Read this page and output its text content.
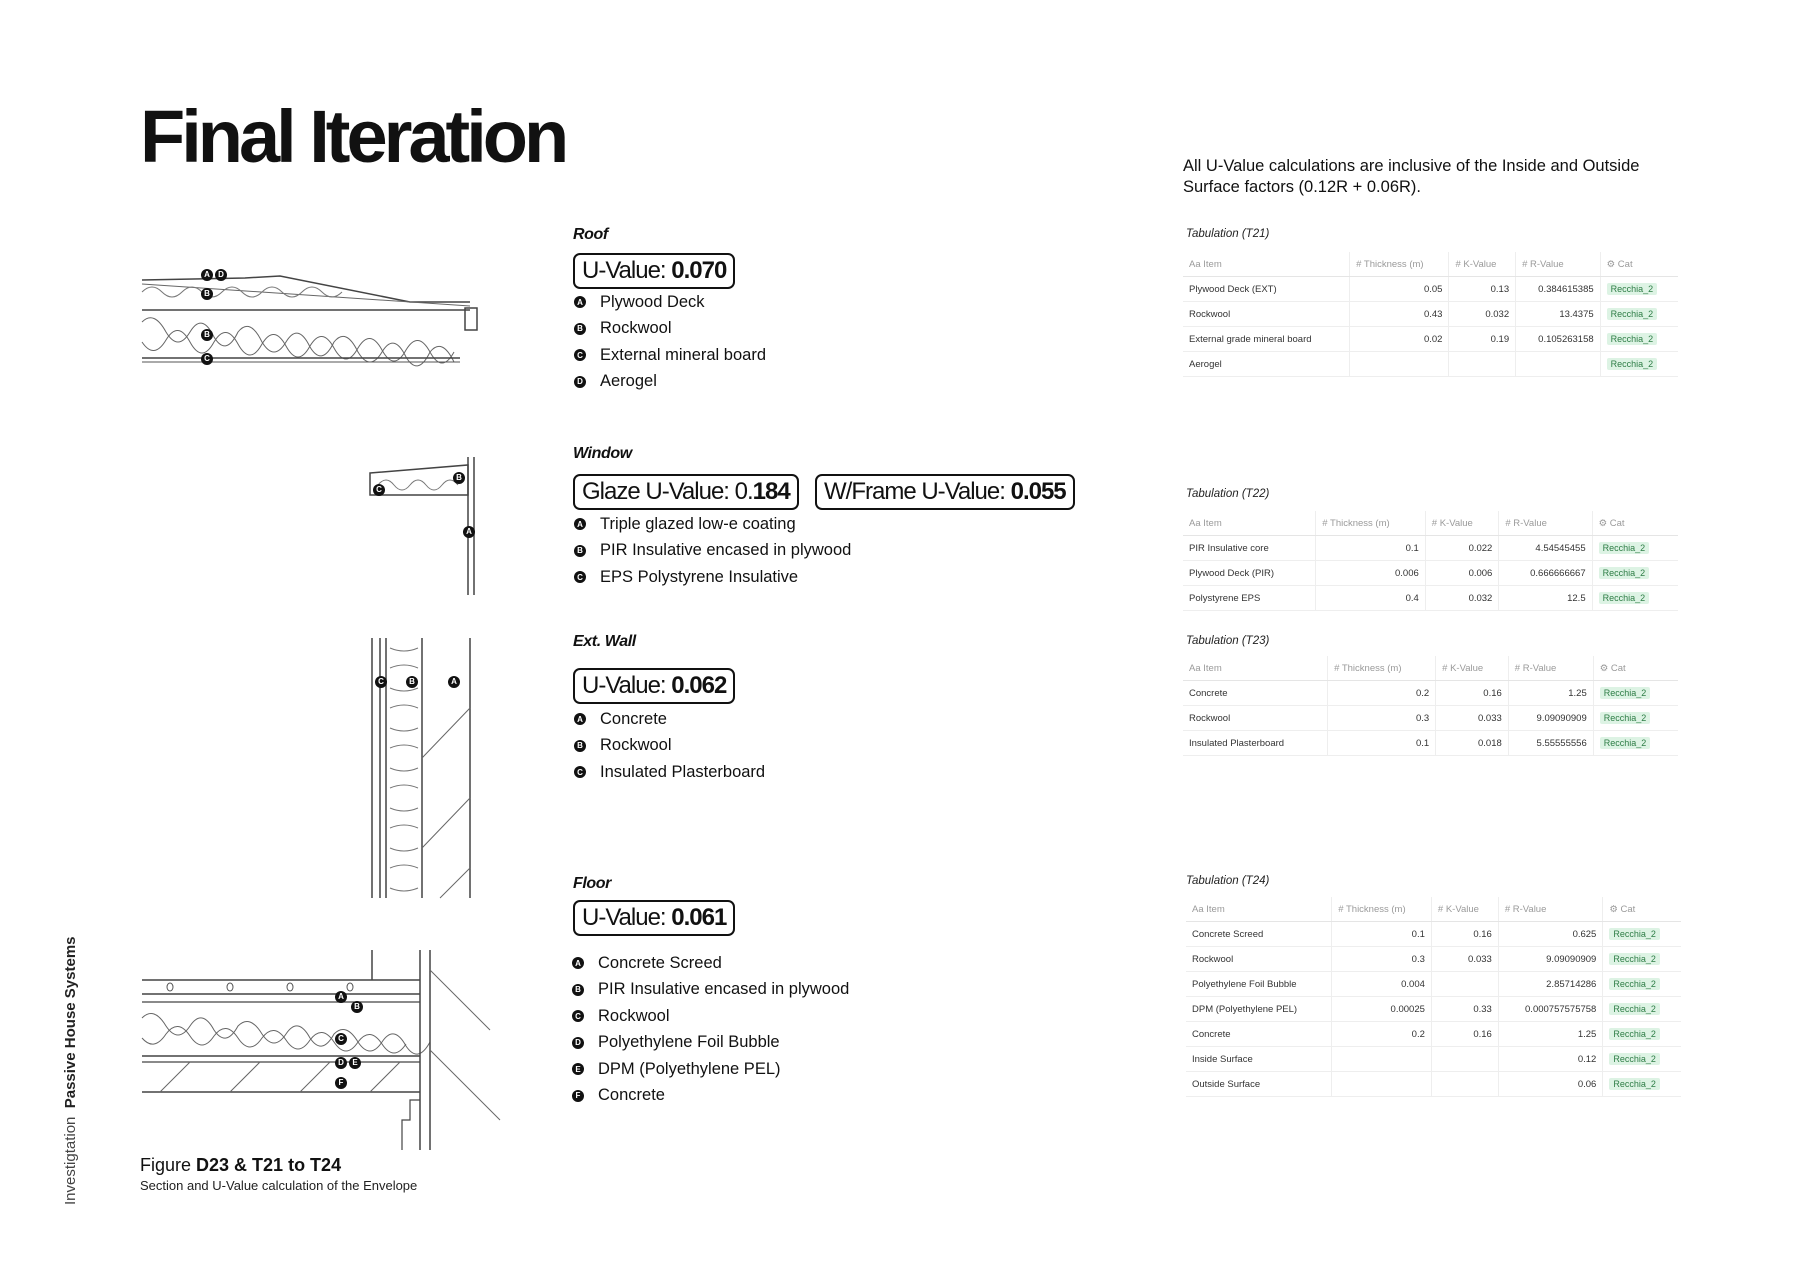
Final Iteration	All U-Value calculations are inclusive of the Inside and Outside Surface factors (0.12R + 0.06R).
A	D
B
B
C
Roof
U-Value: 0.070
A Plywood Deck
B Rockwool
C External mineral board
D Aerogel
Tabulation (T21)
Aa Item	# Thickness (m)	# K-Value	# R-Value	⚙ Cat
Plywood Deck (EXT)	0.05	0.13	0.384615385	Recchia_2
Rockwool	0.43	0.032	13.4375	Recchia_2
External grade mineral board	0.02	0.19	0.105263158	Recchia_2
Aerogel				Recchia_2
C
B
A
Window
Glaze U-Value: 0.184	W/Frame U-Value: 0.055
A Triple glazed low-e coating
B PIR Insulative encased in plywood
C EPS Polystyrene Insulative
Tabulation (T22)
Aa Item	# Thickness (m)	# K-Value	# R-Value	⚙ Cat
PIR Insulative core	0.1	0.022	4.54545455	Recchia_2
Plywood Deck (PIR)	0.006	0.006	0.666666667	Recchia_2
Polystyrene EPS	0.4	0.032	12.5	Recchia_2
C	B	A
Ext. Wall
U-Value: 0.062
A Concrete
B Rockwool
C Insulated Plasterboard
Tabulation (T23)
Aa Item	# Thickness (m)	# K-Value	# R-Value	⚙ Cat
Concrete	0.2	0.16	1.25	Recchia_2
Rockwool	0.3	0.033	9.09090909	Recchia_2
Insulated Plasterboard	0.1	0.018	5.55555556	Recchia_2
A
B
C
D	E
F
Floor
U-Value: 0.061
A Concrete Screed
B PIR Insulative encased in plywood
C Rockwool
D Polyethylene Foil Bubble
E DPM (Polyethylene PEL)
F Concrete
Tabulation (T24)
Aa Item	# Thickness (m)	# K-Value	# R-Value	⚙ Cat
Concrete Screed	0.1	0.16	0.625	Recchia_2
Rockwool	0.3	0.033	9.09090909	Recchia_2
Polyethylene Foil Bubble	0.004		2.85714286	Recchia_2
DPM (Polyethylene PEL)	0.00025	0.33	0.000757575758	Recchia_2
Concrete	0.2	0.16	1.25	Recchia_2
Inside Surface			0.12	Recchia_2
Outside Surface			0.06	Recchia_2
Figure D23 & T21 to T24
Section and U-Value calculation of the Envelope
Investigtation  Passive House Systems
